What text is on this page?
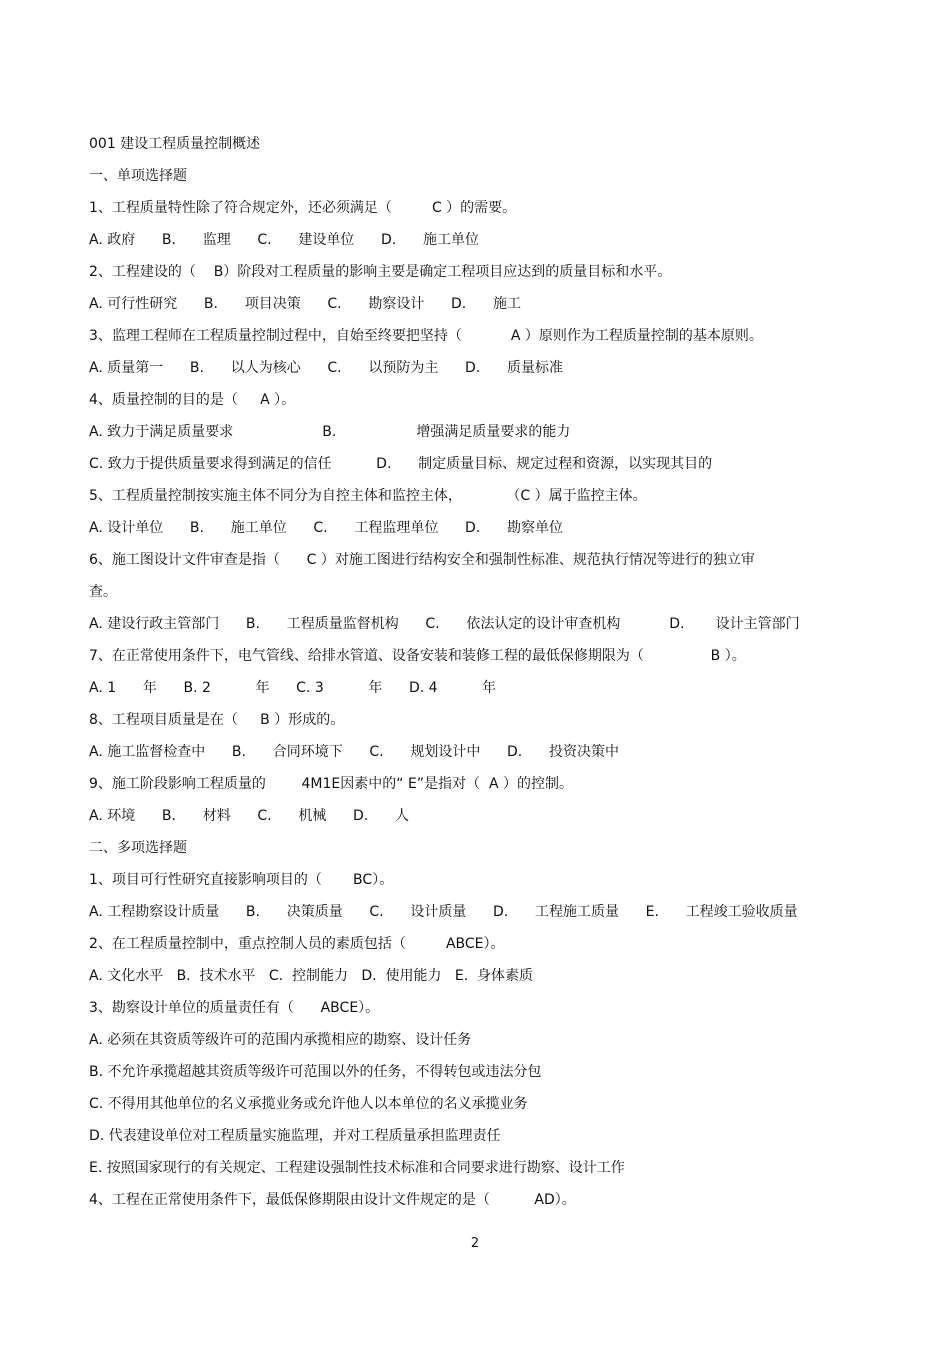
001 建设工程质量控制概述
一、单项选择题
1、工程质量特性除了符合规定外，还必须满足（         C ）的需要。
A. 政府      B.      监理      C.      建设单位      D.      施工单位
2、工程建设的（    B）阶段对工程质量的影响主要是确定工程项目应达到的质量目标和水平。
A. 可行性研究      B.      项目决策      C.      勘察设计      D.      施工
3、监理工程师在工程质量控制过程中，自始至终要把坚持（           A ）原则作为工程质量控制的基本原则。
A. 质量第一      B.      以人为核心      C.      以预防为主      D.      质量标准
4、质量控制的目的是（     A ）。
A. 致力于满足质量要求                    B.                  增强满足质量要求的能力
C. 致力于提供质量要求得到满足的信任          D.      制定质量目标、规定过程和资源，以实现其目的
5、工程质量控制按实施主体不同分为自控主体和监控主体，          （C ）属于监控主体。
A. 设计单位      B.      施工单位      C.      工程监理单位      D.      勘察单位
6、施工图设计文件审查是指（      C ）对施工图进行结构安全和强制性标准、规范执行情况等进行的独立审
查。
A. 建设行政主管部门      B.      工程质量监督机构      C.      依法认定的设计审查机构           D.       设计主管部门
7、在正常使用条件下，电气管线、给排水管道、设备安装和装修工程的最低保修期限为（               B ）。
A. 1      年      B. 2          年      C. 3          年      D. 4          年
8、工程项目质量是在（     B ）形成的。
A. 施工监督检查中      B.      合同环境下      C.      规划设计中      D.      投资决策中
9、施工阶段影响工程质量的        4M1E因素中的“ E”是指对（  A ）的控制。
A. 环境      B.      材料      C.      机械      D.      人
二、多项选择题
1、项目可行性研究直接影响项目的（       BC）。
A. 工程勘察设计质量      B.      决策质量      C.      设计质量      D.      工程施工质量      E.      工程竣工验收质量
2、在工程质量控制中，重点控制人员的素质包括（         ABCE）。
A. 文化水平   B.  技术水平   C.  控制能力   D.  使用能力   E.  身体素质
3、勘察设计单位的质量责任有（      ABCE）。
A. 必须在其资质等级许可的范围内承揽相应的勘察、设计任务
B. 不允许承揽超越其资质等级许可范围以外的任务，不得转包或违法分包
C. 不得用其他单位的名义承揽业务或允许他人以本单位的名义承揽业务
D. 代表建设单位对工程质量实施监理，并对工程质量承担监理责任
E. 按照国家现行的有关规定、工程建设强制性技术标准和合同要求进行勘察、设计工作
4、工程在正常使用条件下，最低保修期限由设计文件规定的是（          AD）。
2
